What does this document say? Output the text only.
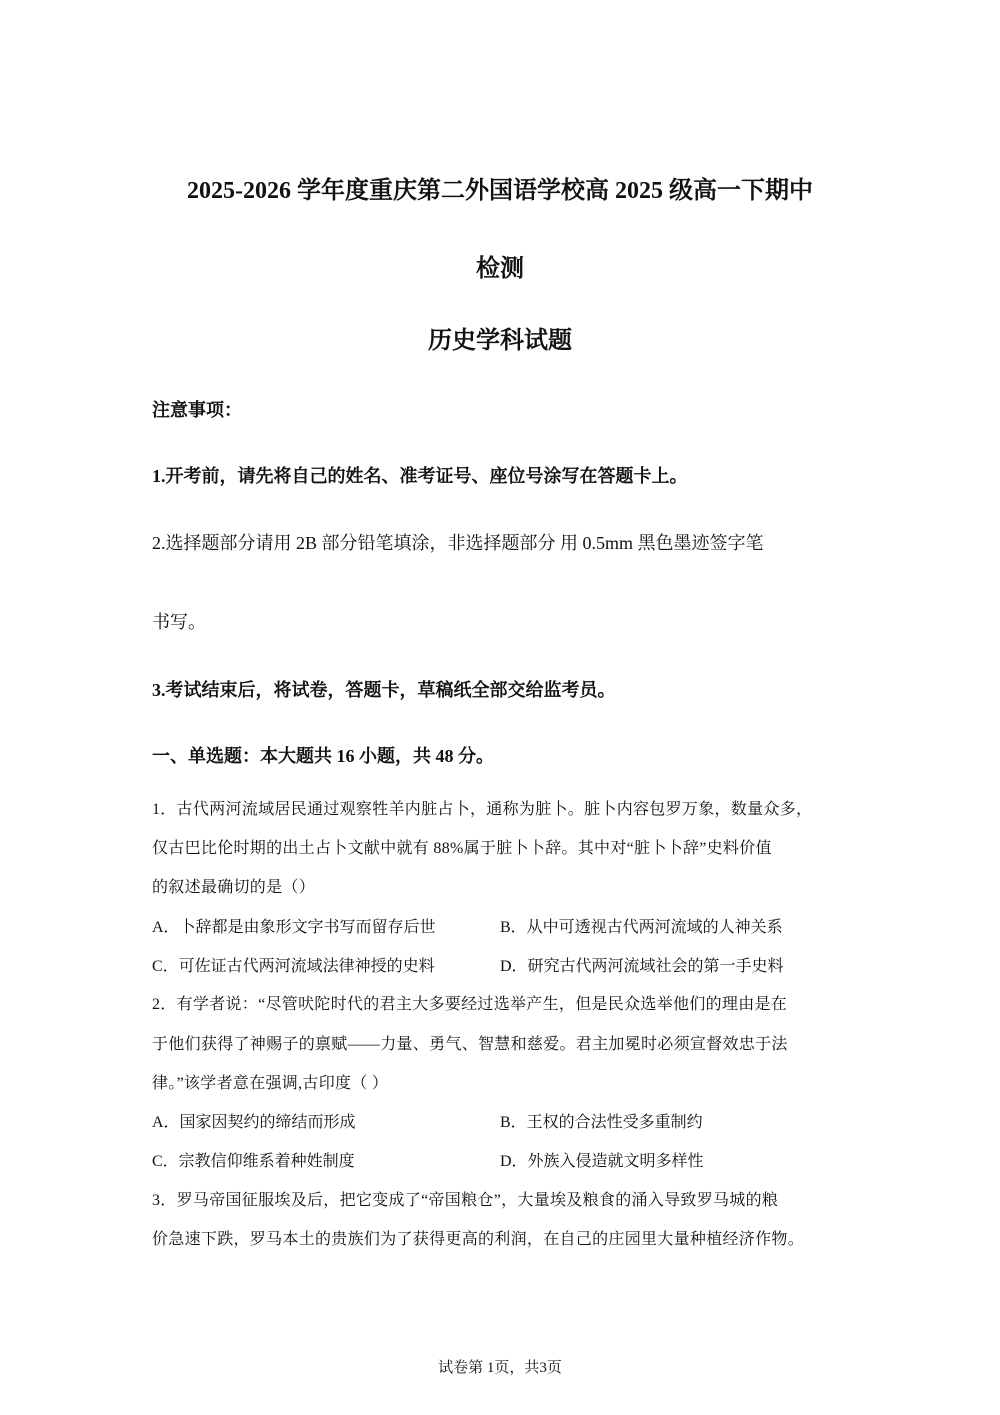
2025-2026 学年度重庆第二外国语学校高 2025 级高一下期中
检测
历史学科试题
注意事项：
1.开考前，请先将自己的姓名、准考证号、座位号涂写在答题卡上。
2.选择题部分请用 2B 部分铅笔填涂，非选择题部分 用 0.5mm 黑色墨迹签字笔
书写。
3.考试结束后，将试卷，答题卡，草稿纸全部交给监考员。
一、单选题：本大题共 16 小题，共 48 分。
1．古代两河流域居民通过观察牲羊内脏占卜，通称为脏卜。脏卜内容包罗万象，数量众多，
仅古巴比伦时期的出土占卜文献中就有 88%属于脏卜卜辞。其中对“脏卜卜辞”史料价值
的叙述最确切的是（）
A．卜辞都是由象形文字书写而留存后世	B．从中可透视古代两河流域的人神关系
C．可佐证古代两河流域法律神授的史料	D．研究古代两河流域社会的第一手史料
2．有学者说：“尽管吠陀时代的君主大多要经过选举产生，但是民众选举他们的理由是在
于他们获得了神赐子的禀赋——力量、勇气、智慧和慈爱。君主加冕时必须宣督效忠于法
律。”该学者意在强调,古印度（ ）
A．国家因契约的缔结而形成	B．王权的合法性受多重制约
C．宗教信仰维系着种姓制度	D．外族入侵造就文明多样性
3．罗马帝国征服埃及后，把它变成了“帝国粮仓”，大量埃及粮食的涌入导致罗马城的粮
价急速下跌，罗马本土的贵族们为了获得更高的利润，在自己的庄园里大量种植经济作物。
试卷第 1页，共3页
